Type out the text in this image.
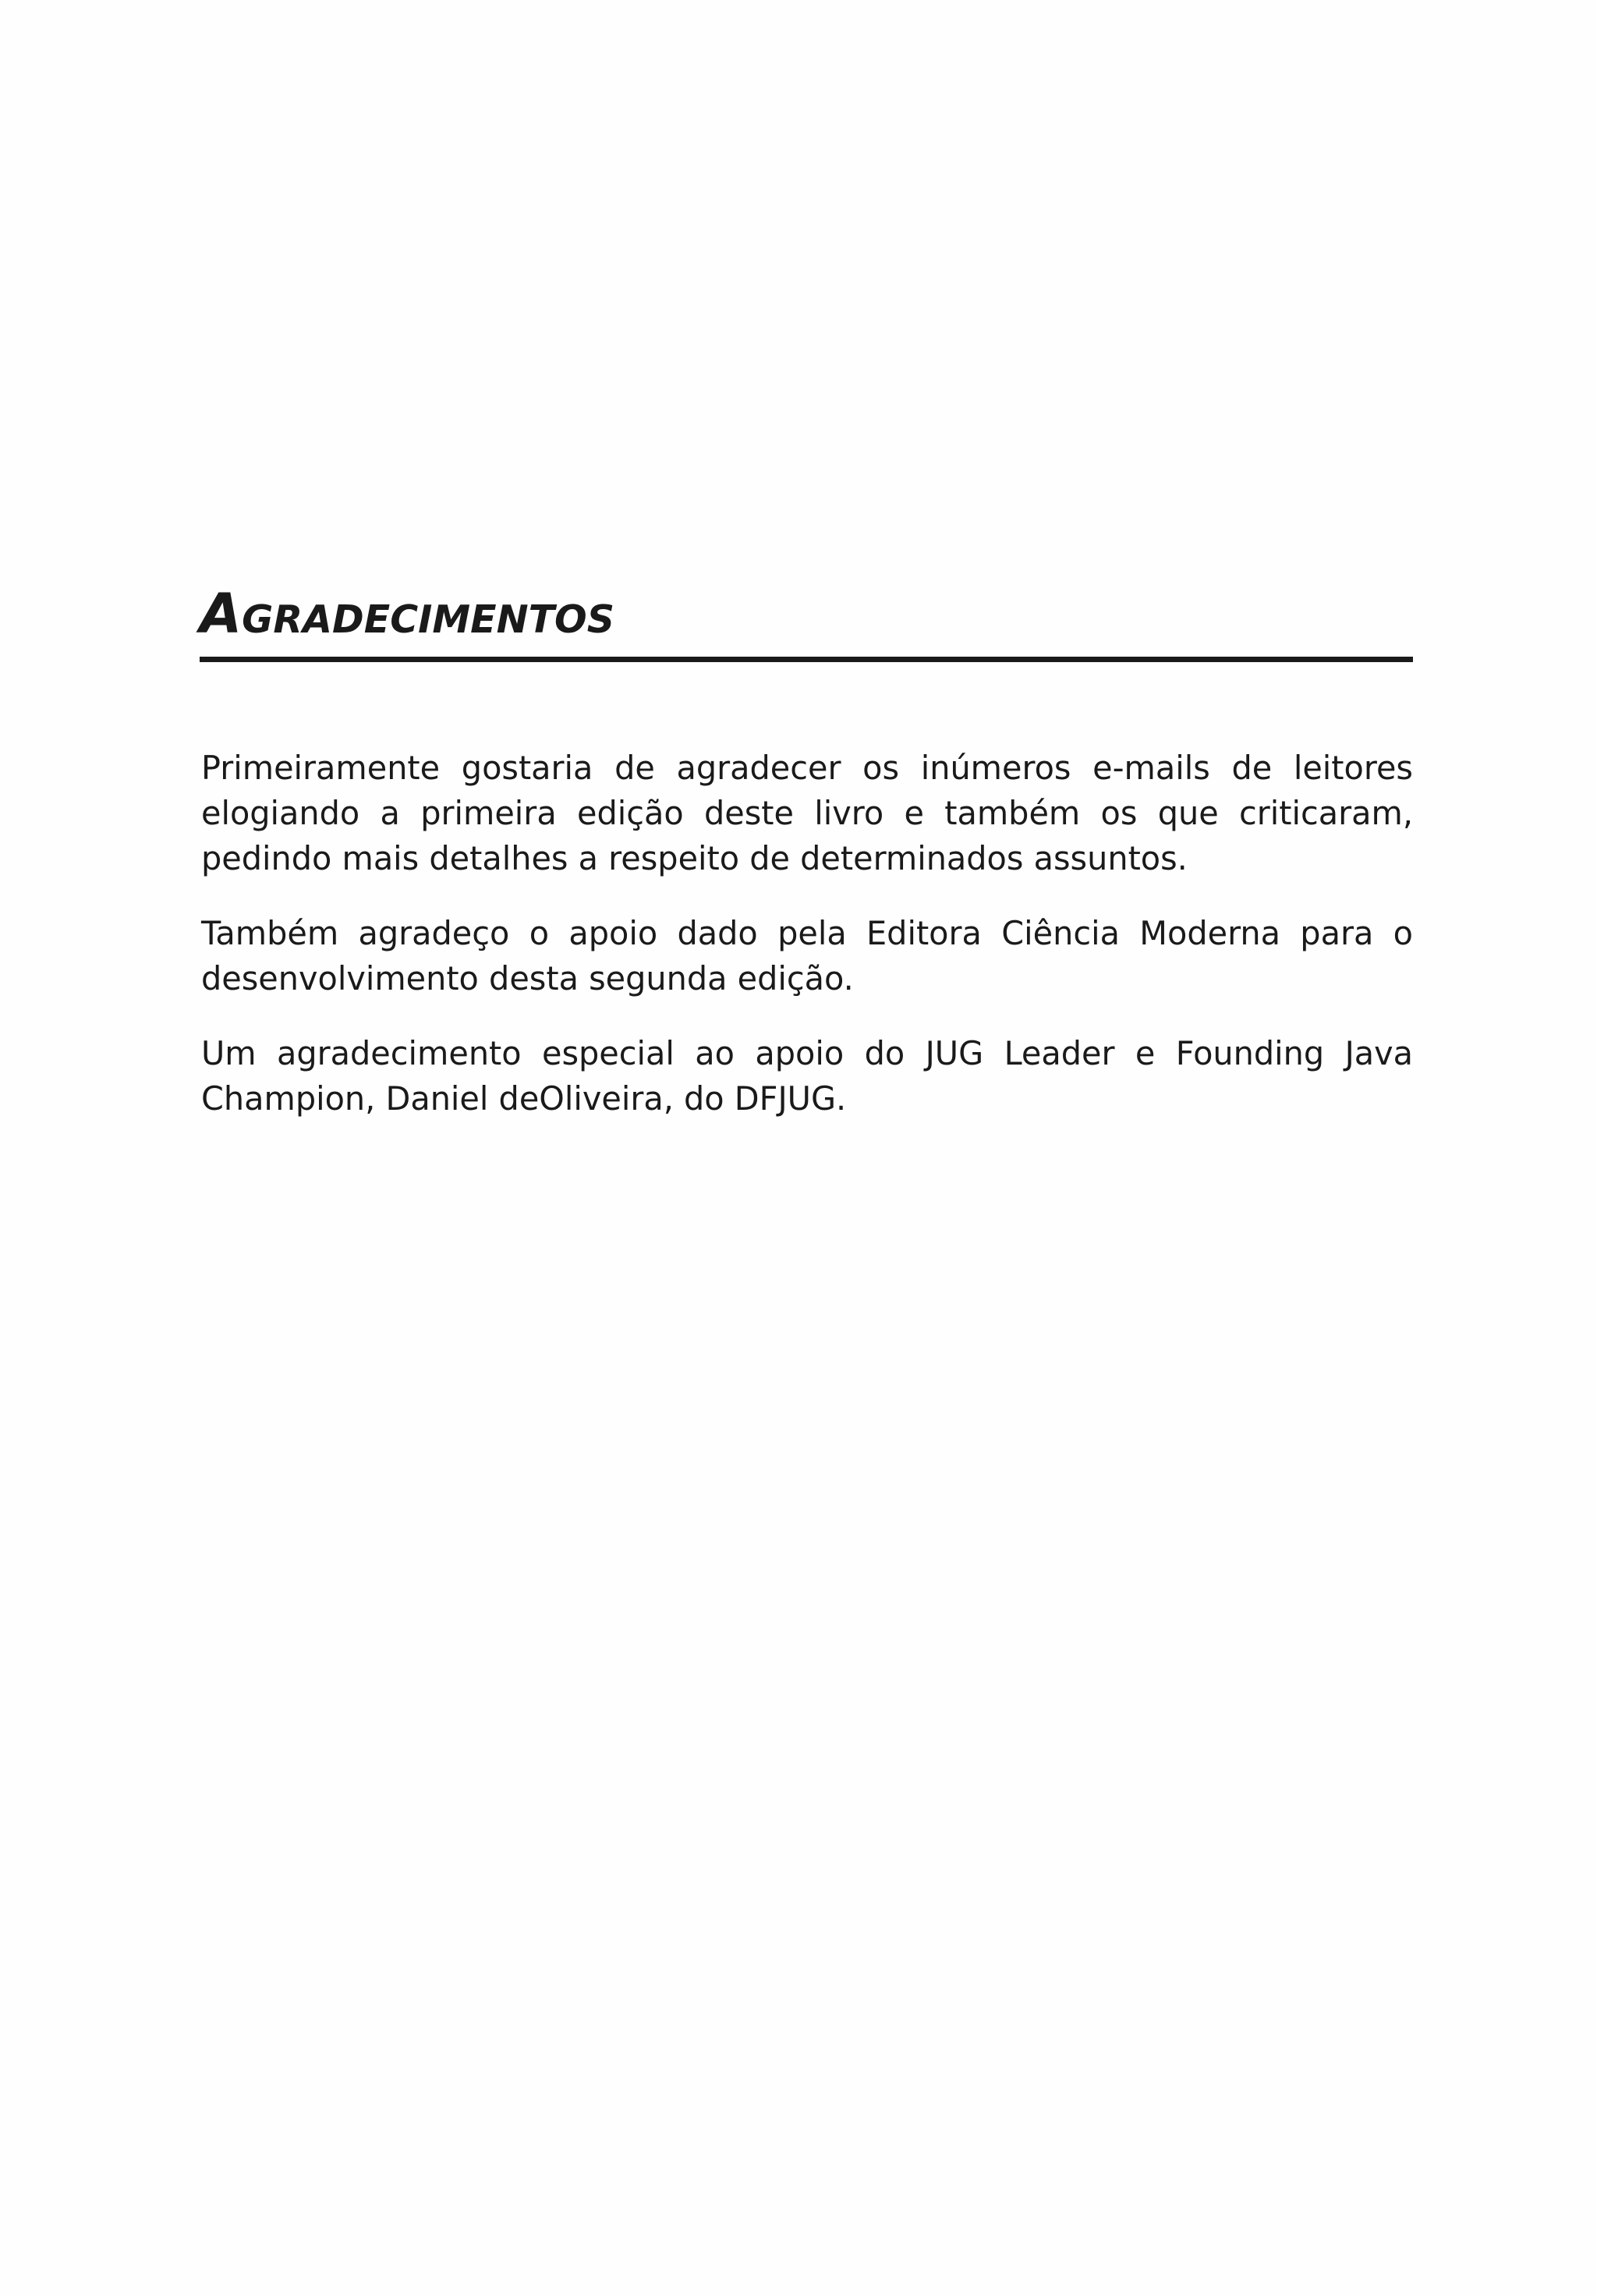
Agradecimentos

Primeiramente gostaria de agradecer os inúmeros e-mails de leitores elogiando a primeira edição deste livro e também os que criticaram, pedindo mais detalhes a respeito de determinados assuntos.

Também agradeço o apoio dado pela Editora Ciência Moderna para o desenvolvimento desta segunda edição.

Um agradecimento especial ao apoio do JUG Leader e Founding Java Champion, Daniel deOliveira, do DFJUG.
